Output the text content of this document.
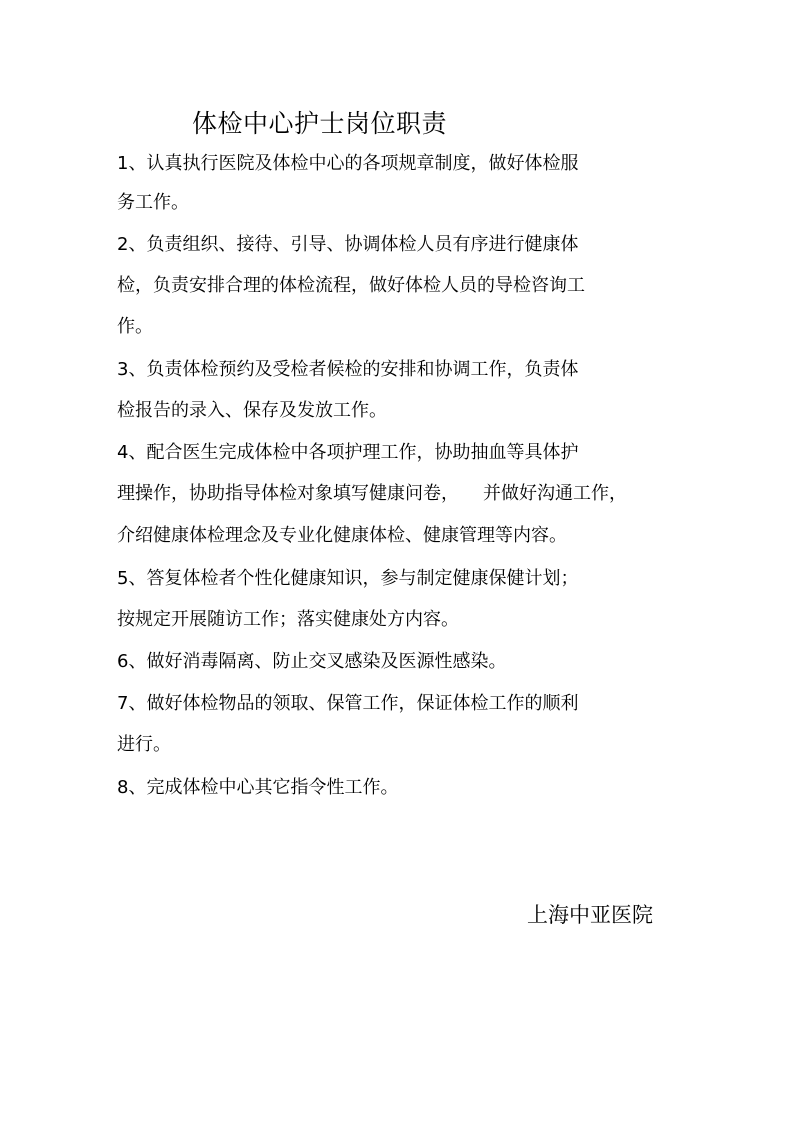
体检中心护士岗位职责
1、认真执行医院及体检中心的各项规章制度，做好体检服
务工作。
2、负责组织、接待、引导、协调体检人员有序进行健康体
检，负责安排合理的体检流程，做好体检人员的导检咨询工
作。
3、负责体检预约及受检者候检的安排和协调工作，负责体
检报告的录入、保存及发放工作。
4、配合医生完成体检中各项护理工作，协助抽血等具体护
理操作，协助指导体检对象填写健康问卷， 并做好沟通工作，
介绍健康体检理念及专业化健康体检、健康管理等内容。
5、答复体检者个性化健康知识，参与制定健康保健计划；
按规定开展随访工作；落实健康处方内容。
6、做好消毒隔离、防止交叉感染及医源性感染。
7、做好体检物品的领取、保管工作，保证体检工作的顺利
进行。
8、完成体检中心其它指令性工作。
上海中亚医院
